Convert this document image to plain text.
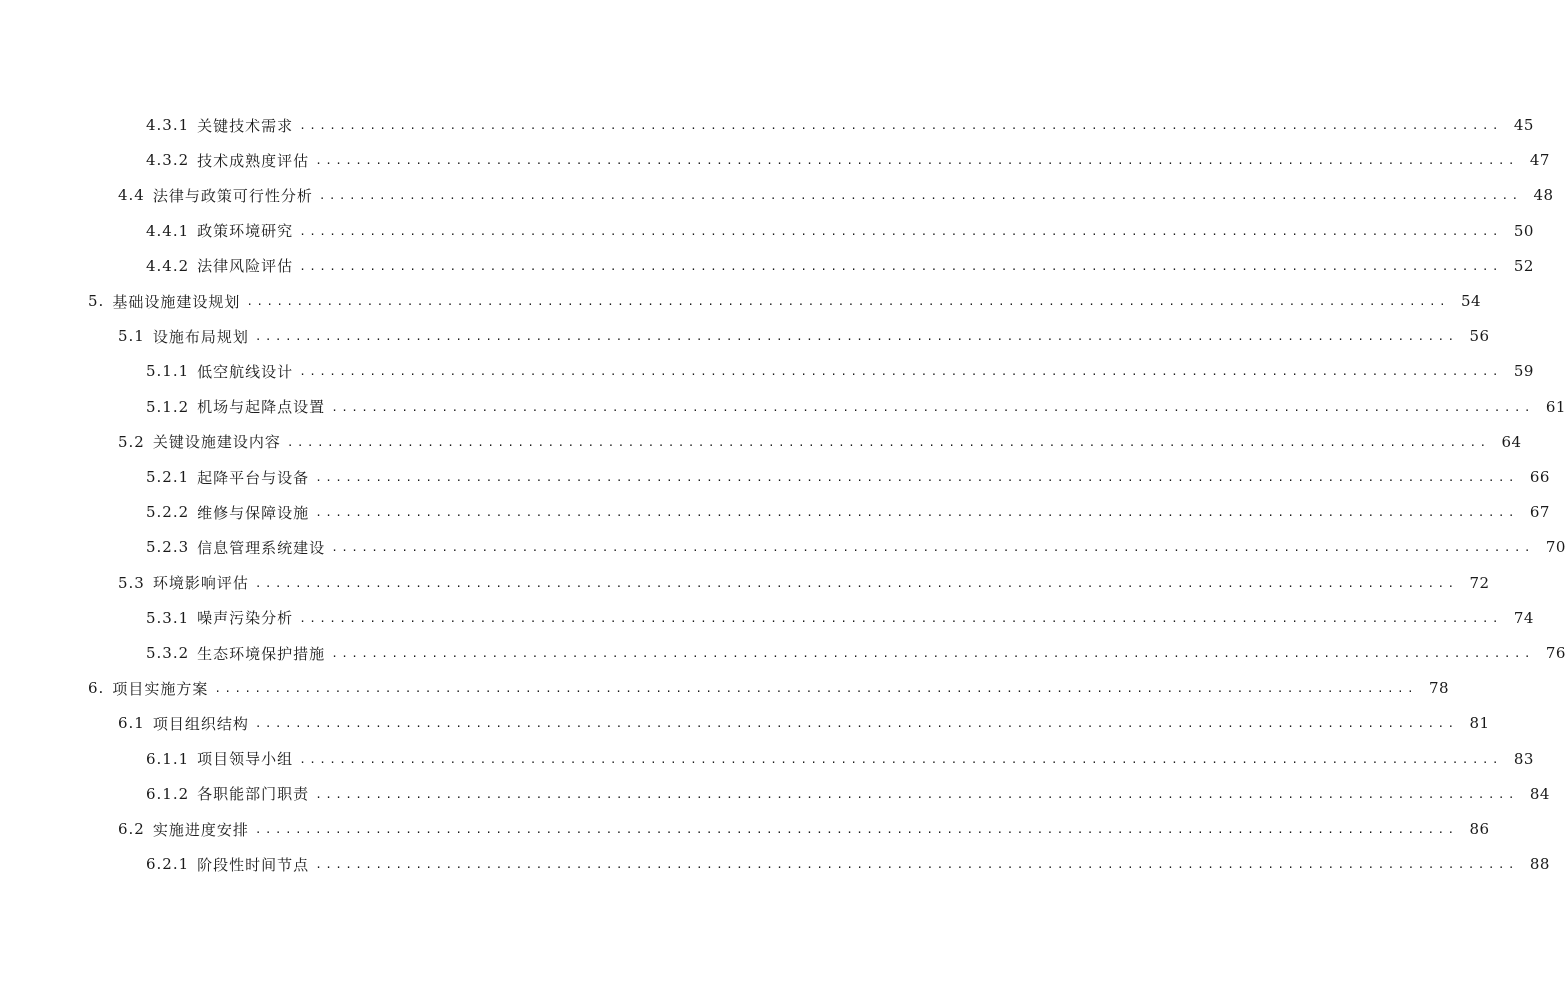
4.3.1 关键技术需求 ........................................................................................................................ 45
4.3.2 技术成熟度评估 ........................................................................................................................ 47
4.4 法律与政策可行性分析 ........................................................................................................................ 48
4.4.1 政策环境研究 ........................................................................................................................ 50
4.4.2 法律风险评估 ........................................................................................................................ 52
5. 基础设施建设规划 ........................................................................................................................ 54
5.1 设施布局规划 ........................................................................................................................ 56
5.1.1 低空航线设计 ........................................................................................................................ 59
5.1.2 机场与起降点设置 ........................................................................................................................ 61
5.2 关键设施建设内容 ........................................................................................................................ 64
5.2.1 起降平台与设备 ........................................................................................................................ 66
5.2.2 维修与保障设施 ........................................................................................................................ 67
5.2.3 信息管理系统建设 ........................................................................................................................ 70
5.3 环境影响评估 ........................................................................................................................ 72
5.3.1 噪声污染分析 ........................................................................................................................ 74
5.3.2 生态环境保护措施 ........................................................................................................................ 76
6. 项目实施方案 ........................................................................................................................ 78
6.1 项目组织结构 ........................................................................................................................ 81
6.1.1 项目领导小组 ........................................................................................................................ 83
6.1.2 各职能部门职责 ........................................................................................................................ 84
6.2 实施进度安排 ........................................................................................................................ 86
6.2.1 阶段性时间节点 ........................................................................................................................ 88
